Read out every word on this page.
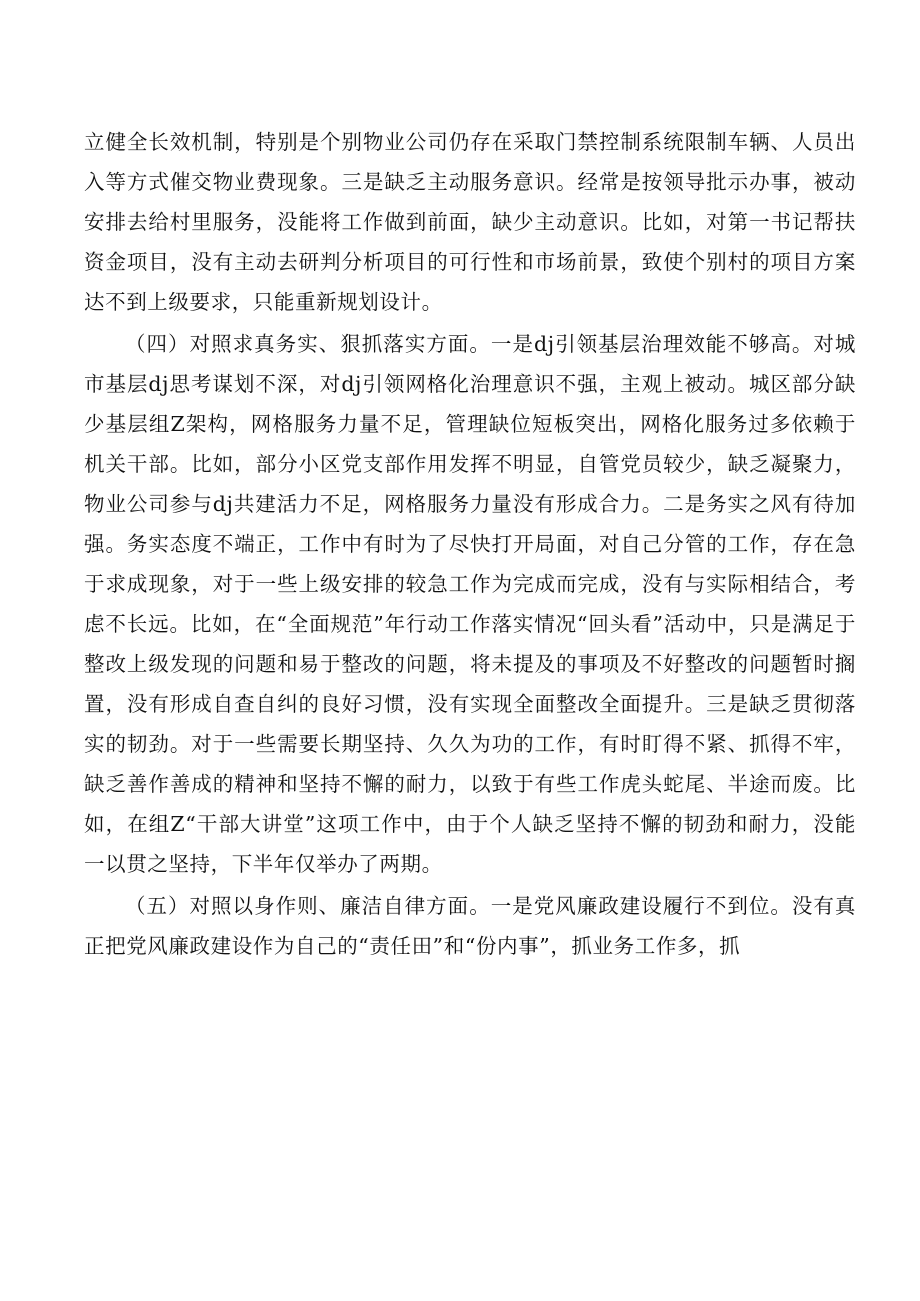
立健全长效机制，特别是个别物业公司仍存在采取门禁控制系统限制车辆、人员出入等方式催交物业费现象。三是缺乏主动服务意识。经常是按领导批示办事，被动安排去给村里服务，没能将工作做到前面，缺少主动意识。比如，对第一书记帮扶资金项目，没有主动去研判分析项目的可行性和市场前景，致使个别村的项目方案达不到上级要求，只能重新规划设计。

（四）对照求真务实、狠抓落实方面。一是dj引领基层治理效能不够高。对城市基层dj思考谋划不深，对dj引领网格化治理意识不强，主观上被动。城区部分缺少基层组Z架构，网格服务力量不足，管理缺位短板突出，网格化服务过多依赖于机关干部。比如，部分小区党支部作用发挥不明显，自管党员较少，缺乏凝聚力，物业公司参与dj共建活力不足，网格服务力量没有形成合力。二是务实之风有待加强。务实态度不端正，工作中有时为了尽快打开局面，对自己分管的工作，存在急于求成现象，对于一些上级安排的较急工作为完成而完成，没有与实际相结合，考虑不长远。比如，在“全面规范”年行动工作落实情况“回头看”活动中，只是满足于整改上级发现的问题和易于整改的问题，将未提及的事项及不好整改的问题暂时搁置，没有形成自查自纠的良好习惯，没有实现全面整改全面提升。三是缺乏贯彻落实的韧劲。对于一些需要长期坚持、久久为功的工作，有时盯得不紧、抓得不牢，缺乏善作善成的精神和坚持不懈的耐力，以致于有些工作虎头蛇尾、半途而废。比如，在组Z“干部大讲堂”这项工作中，由于个人缺乏坚持不懈的韧劲和耐力，没能一以贯之坚持，下半年仅举办了两期。

（五）对照以身作则、廉洁自律方面。一是党风廉政建设履行不到位。没有真正把党风廉政建设作为自己的“责任田”和“份内事”，抓业务工作多，抓
